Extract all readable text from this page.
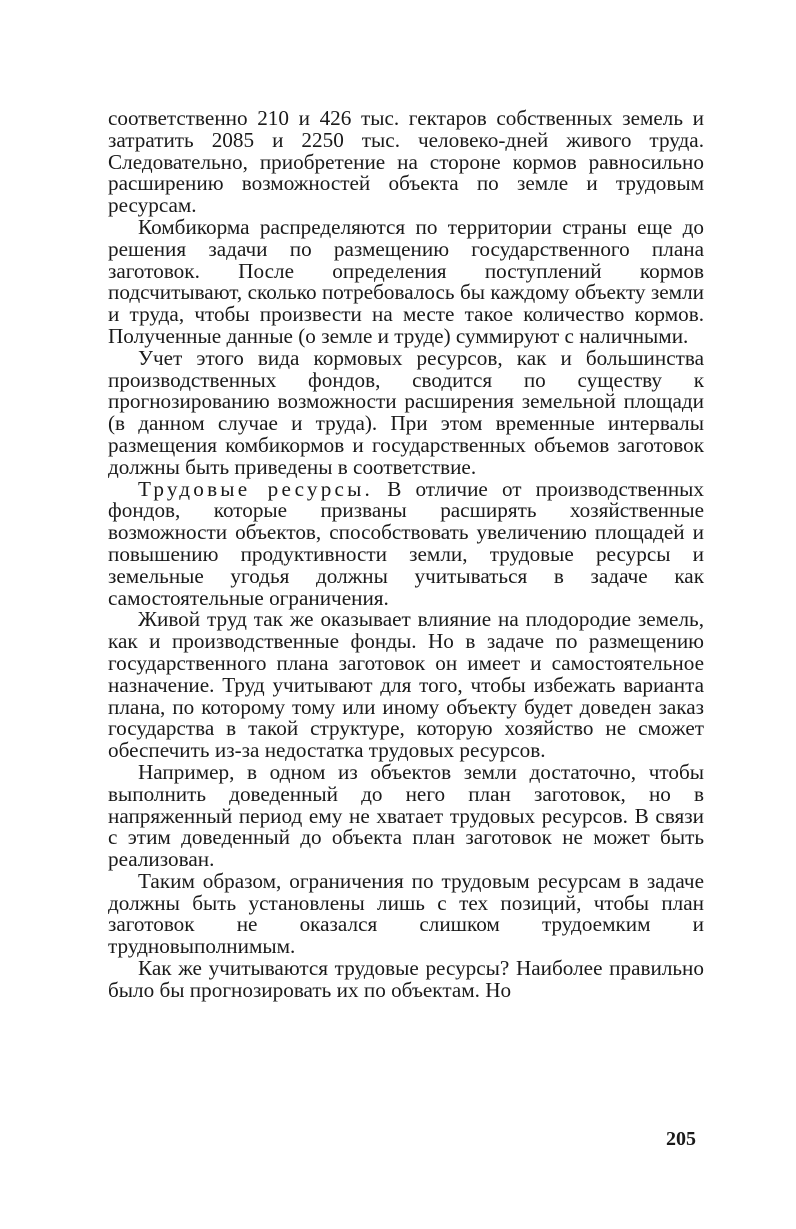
соответственно 210 и 426 тыс. гектаров собственных земель и затратить 2085 и 2250 тыс. человеко-дней живого труда. Следовательно, приобретение на стороне кормов равносильно расширению возможностей объекта по земле и трудовым ресурсам.

Комбикорма распределяются по территории страны еще до решения задачи по размещению государственного плана заготовок. После определения поступлений кормов подсчитывают, сколько потребовалось бы каждому объекту земли и труда, чтобы произвести на месте такое количество кормов. Полученные данные (о земле и труде) суммируют с наличными.

Учет этого вида кормовых ресурсов, как и большинства производственных фондов, сводится по существу к прогнозированию возможности расширения земельной площади (в данном случае и труда). При этом временные интервалы размещения комбикормов и государственных объемов заготовок должны быть приведены в соответствие.

Трудовые ресурсы. В отличие от производственных фондов, которые призваны расширять хозяйственные возможности объектов, способствовать увеличению площадей и повышению продуктивности земли, трудовые ресурсы и земельные угодья должны учитываться в задаче как самостоятельные ограничения.

Живой труд так же оказывает влияние на плодородие земель, как и производственные фонды. Но в задаче по размещению государственного плана заготовок он имеет и самостоятельное назначение. Труд учитывают для того, чтобы избежать варианта плана, по которому тому или иному объекту будет доведен заказ государства в такой структуре, которую хозяйство не сможет обеспечить из-за недостатка трудовых ресурсов.

Например, в одном из объектов земли достаточно, чтобы выполнить доведенный до него план заготовок, но в напряженный период ему не хватает трудовых ресурсов. В связи с этим доведенный до объекта план заготовок не может быть реализован.

Таким образом, ограничения по трудовым ресурсам в задаче должны быть установлены лишь с тех позиций, чтобы план заготовок не оказался слишком трудоемким и трудновыполнимым.

Как же учитываются трудовые ресурсы? Наиболее правильно было бы прогнозировать их по объектам. Но

205
